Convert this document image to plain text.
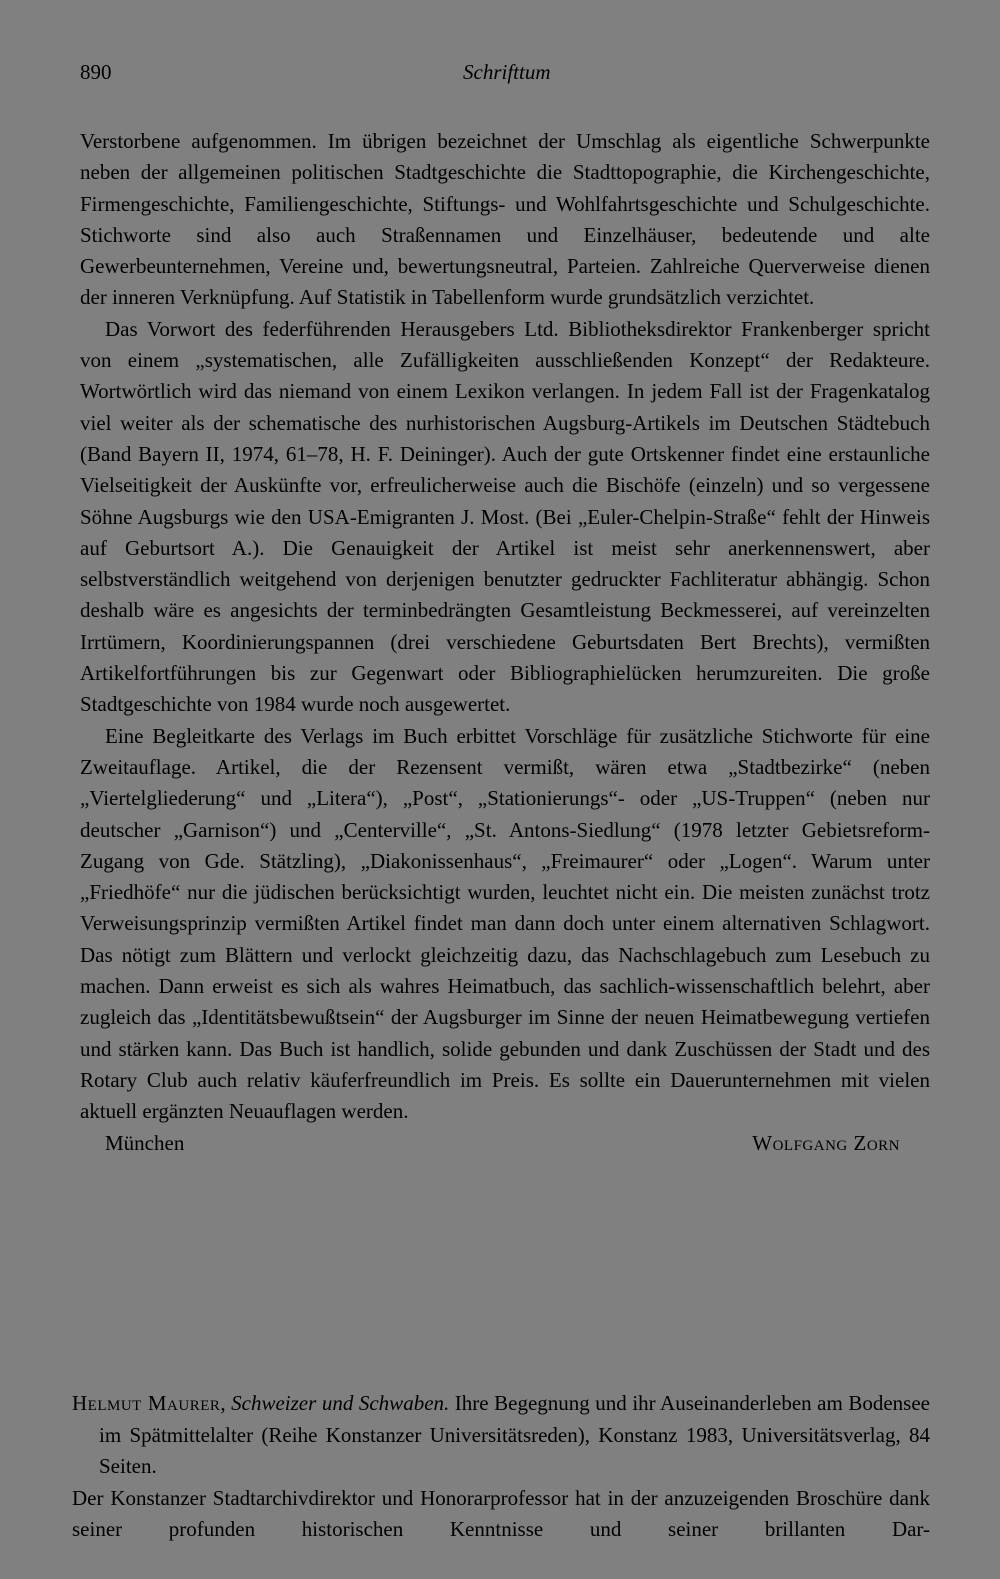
890	Schrifttum

Verstorbene aufgenommen. Im übrigen bezeichnet der Umschlag als eigentliche Schwerpunkte neben der allgemeinen politischen Stadtgeschichte die Stadttopographie, die Kirchengeschichte, Firmengeschichte, Familiengeschichte, Stiftungs- und Wohlfahrtsgeschichte und Schulgeschichte. Stichworte sind also auch Straßennamen und Einzelhäuser, bedeutende und alte Gewerbeunternehmen, Vereine und, bewertungsneutral, Parteien. Zahlreiche Querverweise dienen der inneren Verknüpfung. Auf Statistik in Tabellenform wurde grundsätzlich verzichtet.

Das Vorwort des federführenden Herausgebers Ltd. Bibliotheksdirektor Frankenberger spricht von einem „systematischen, alle Zufälligkeiten ausschließenden Konzept“ der Redakteure. Wortwörtlich wird das niemand von einem Lexikon verlangen. In jedem Fall ist der Fragenkatalog viel weiter als der schematische des nurhistorischen Augsburg-Artikels im Deutschen Städtebuch (Band Bayern II, 1974, 61–78, H. F. Deininger). Auch der gute Ortskenner findet eine erstaunliche Vielseitigkeit der Auskünfte vor, erfreulicherweise auch die Bischöfe (einzeln) und so vergessene Söhne Augsburgs wie den USA-Emigranten J. Most. (Bei „Euler-Chelpin-Straße“ fehlt der Hinweis auf Geburtsort A.). Die Genauigkeit der Artikel ist meist sehr anerkennenswert, aber selbstverständlich weitgehend von derjenigen benutzter gedruckter Fachliteratur abhängig. Schon deshalb wäre es angesichts der terminbedrängten Gesamtleistung Beckmesserei, auf vereinzelten Irrtümern, Koordinierungspannen (drei verschiedene Geburtsdaten Bert Brechts), vermißten Artikelfortführungen bis zur Gegenwart oder Bibliographielücken herumzureiten. Die große Stadtgeschichte von 1984 wurde noch ausgewertet.

Eine Begleitkarte des Verlags im Buch erbittet Vorschläge für zusätzliche Stichworte für eine Zweitauflage. Artikel, die der Rezensent vermißt, wären etwa „Stadtbezirke“ (neben „Viertelgliederung“ und „Litera“), „Post“, „Stationierungs“- oder „US-Truppen“ (neben nur deutscher „Garnison“) und „Centerville“, „St. Antons-Siedlung“ (1978 letzter Gebietsreform-Zugang von Gde. Stätzling), „Diakonissenhaus“, „Freimaurer“ oder „Logen“. Warum unter „Friedhöfe“ nur die jüdischen berücksichtigt wurden, leuchtet nicht ein. Die meisten zunächst trotz Verweisungsprinzip vermißten Artikel findet man dann doch unter einem alternativen Schlagwort. Das nötigt zum Blättern und verlockt gleichzeitig dazu, das Nachschlagebuch zum Lesebuch zu machen. Dann erweist es sich als wahres Heimatbuch, das sachlich-wissenschaftlich belehrt, aber zugleich das „Identitätsbewußtsein“ der Augsburger im Sinne der neuen Heimatbewegung vertiefen und stärken kann. Das Buch ist handlich, solide gebunden und dank Zuschüssen der Stadt und des Rotary Club auch relativ käuferfreundlich im Preis. Es sollte ein Dauerunternehmen mit vielen aktuell ergänzten Neuauflagen werden.

München	Wolfgang Zorn

Helmut Maurer, Schweizer und Schwaben. Ihre Begegnung und ihr Auseinanderleben am Bodensee im Spätmittelalter (Reihe Konstanzer Universitätsreden), Konstanz 1983, Universitätsverlag, 84 Seiten.

Der Konstanzer Stadtarchivdirektor und Honorarprofessor hat in der anzuzeigenden Broschüre dank seiner profunden historischen Kenntnisse und seiner brillanten Dar-
